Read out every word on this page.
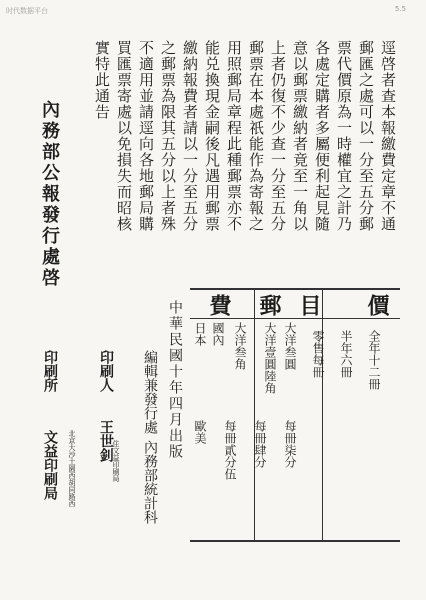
时代数据平台	5.5
逕啓者查本報繳費定章不通
郵匯之處可以一分至五分郵
票代價原為一時權宜之計乃
各處定購者多屬便利起見隨
意以郵票繳納者竟至一角以
上者仍復不少查一分至五分
郵票在本處祇能作為寄報之
用照郵局章程此種郵票亦不
能兑換現金嗣後凡遇用郵票
繳納報費者請以一分至五分
之郵票為限其五分以上者殊
不適用並請逕向各地郵局購
買匯票寄處以免損失而昭核
實特此通告
內務部公報發行處啓
價
目
郵
費
全年十二冊
半年六冊
零售每冊
大洋叁圓
大洋壹圓陸角
大洋叁角
國內
日本
歐美 每冊貳分伍 每冊肆分 每冊柒分
中華民國十年四月出版
編輯兼發行處
內務部統計科
印刷人
王世釗
住文益印刷局
印刷所
文益印刷局 北京大沙土園西胡同路西
